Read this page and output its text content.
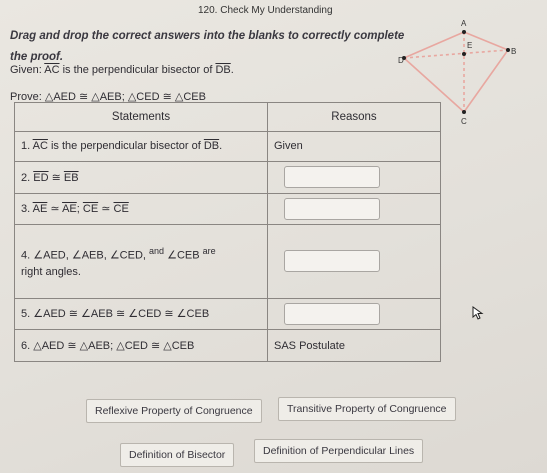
120. Check My Understanding
Drag and drop the correct answers into the blanks to correctly complete the proof.
Given: $\overline{AC}$ is the perpendicular bisector of $\overline{DB}$.
Prove: △AED ≅ △AEB; △CED ≅ △CEB
Statements	Reasons
1. $\overline{AC}$ is the perpendicular bisector of $\overline{DB}$.	Given
2. $\overline{ED}$ ≅ $\overline{EB}$	

3. $\overline{AE}$ ≃ $\overline{AE}$; $\overline{CE}$ ≃ $\overline{CE}$	

4. ∠AED, ∠AEB, ∠CED, $^{and}$ ∠CEB $^{are}$
right angles.	

5. ∠AED ≅ ∠AEB ≅ ∠CED ≅ ∠CEB	

6. △AED ≅ △AEB; △CED ≅ △CEB	SAS Postulate
Reflexive Property of Congruence	Transitive Property of Congruence
Definition of Bisector	Definition of Perpendicular Lines
A
E
D
B
C
